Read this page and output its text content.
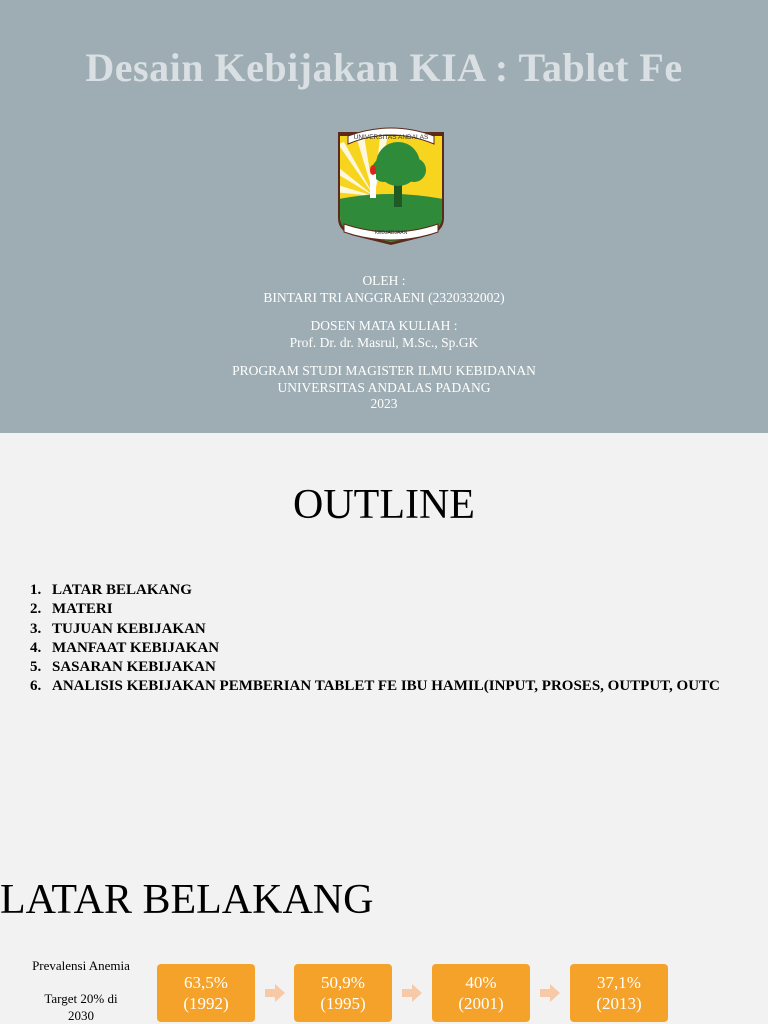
Desain Kebijakan KIA : Tablet Fe
UNIVERSITAS ANDALAS
KEDJADJAAN
OLEH :
BINTARI TRI ANGGRAENI (2320332002)
DOSEN MATA KULIAH :
Prof. Dr. dr. Masrul, M.Sc., Sp.GK
PROGRAM STUDI MAGISTER ILMU KEBIDANAN
UNIVERSITAS ANDALAS PADANG
2023
OUTLINE
1. LATAR BELAKANG
2. MATERI
3. TUJUAN KEBIJAKAN
4. MANFAAT KEBIJAKAN
5. SASARAN KEBIJAKAN
6. ANALISIS KEBIJAKAN PEMBERIAN TABLET FE IBU HAMIL(INPUT, PROSES, OUTPUT, OUTC
LATAR BELAKANG
Prevalensi Anemia
Target 20% di 2030
63,5%
(1992)
50,9%
(1995)
40%
(2001)
37,1%
(2013)
